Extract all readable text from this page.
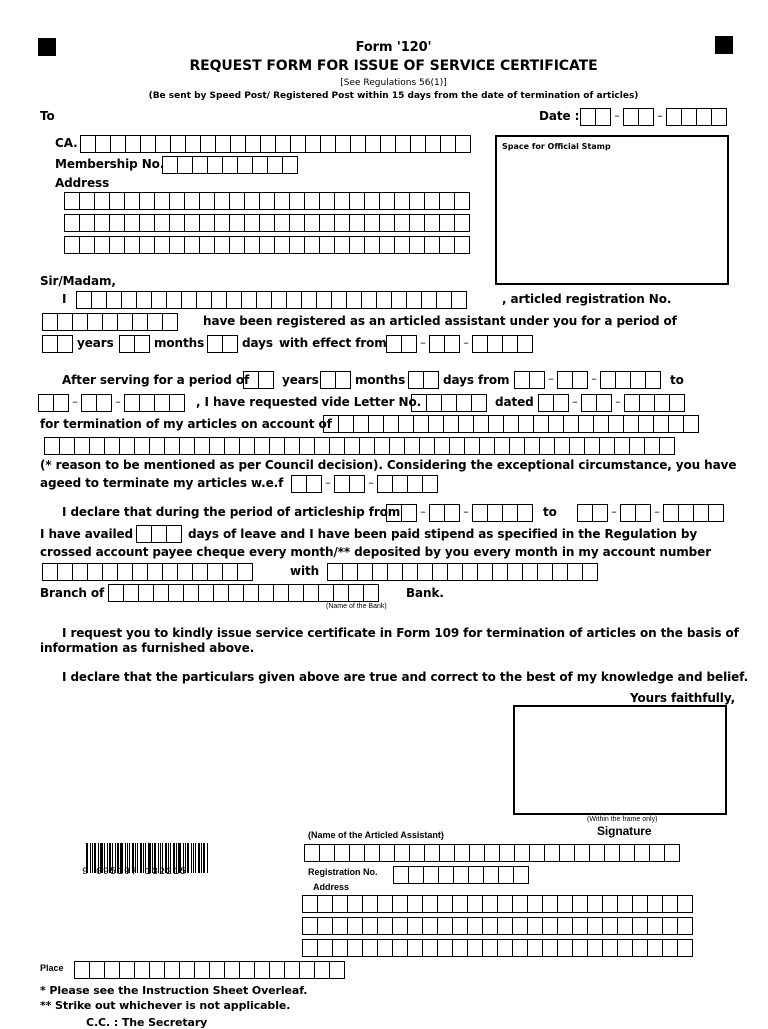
Form '120'
REQUEST FORM FOR ISSUE OF SERVICE CERTIFICATE
[See Regulations 56(1)]
(Be sent by Speed Post/ Registered Post within 15 days from the date of termination of articles)
To	Date :	–	–
CA.	Space for Official Stamp
Membership No.
Address
Sir/Madam,
I	, articled registration No.
have been registered as an articled assistant under you for a period of
years	months	days with effect from	–	–
After serving for a period of	years	months	days from	–	–	to
–	–	, I have requested vide Letter No.	dated	–	–
for termination of my articles on account of
(* reason to be mentioned as per Council decision). Considering the exceptional circumstance, you have
ageed to terminate my articles w.e.f	–	–
I declare that during the period of articleship from	–	–	to	–	–
I have availed	days of leave and I have been paid stipend as specified in the Regulation by
crossed account payee cheque every month/** deposited by you every month in my account number
with
Branch of	Bank.
(Name of the Bank)
I request you to kindly issue service certificate in Form 109 for termination of articles on the basis of
information as furnished above.
I declare that the particulars given above are true and correct to the best of my knowledge and belief.
Yours faithfully,
(Within the frame only)
Signature
(Name of the Articled Assistant)
9 095197 132215	Registration No.
Address
Place
* Please see the Instruction Sheet Overleaf.
** Strike out whichever is not applicable.
C.C. : The Secretary
